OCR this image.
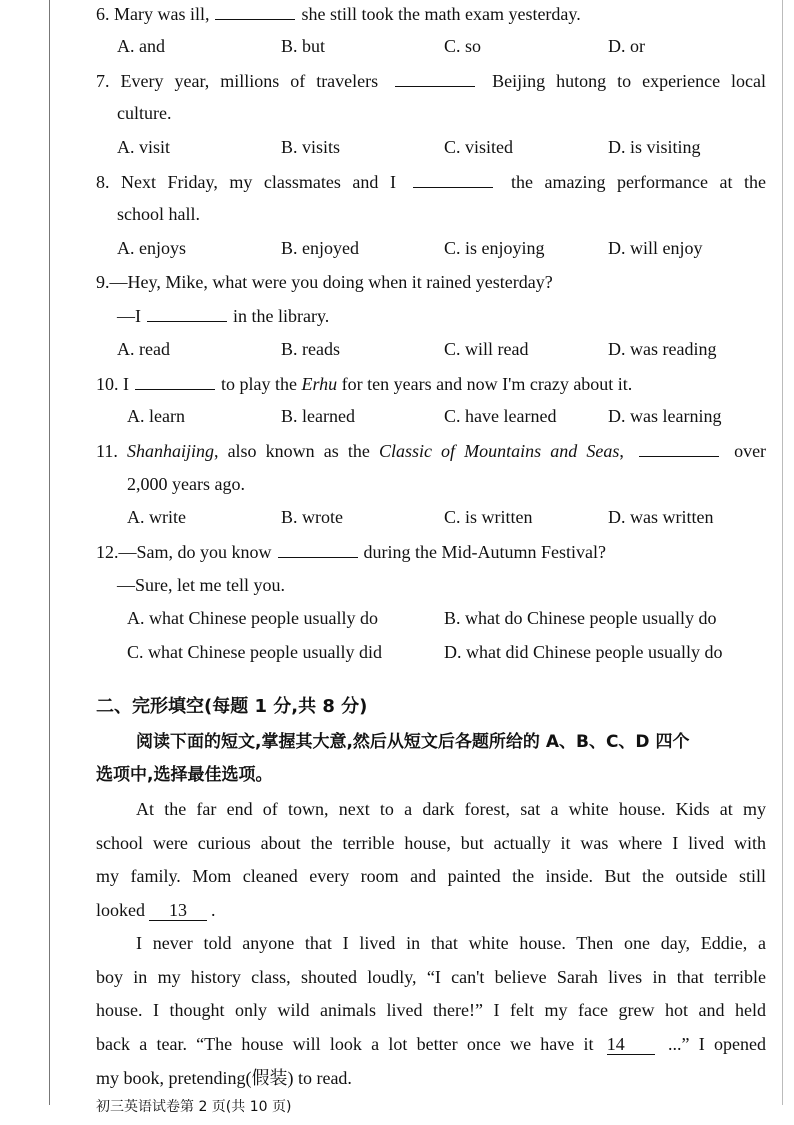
6. Mary was ill,	she still took the math exam yesterday.
A. and	B. but	C. so	D. or
7. Every year, millions of travelers	Beijing hutong to experience local
culture.
A. visit	B. visits	C. visited	D. is visiting
8. Next Friday, my classmates and I	the amazing performance at the
school hall.
A. enjoys	B. enjoyed	C. is enjoying	D. will enjoy
9.—Hey, Mike, what were you doing when it rained yesterday?
—I	in the library.
A. read	B. reads	C. will read	D. was reading
10. I	to play the Erhu for ten years and now I'm crazy about it.
A. learn	B. learned	C. have learned	D. was learning
11. Shanhaijing, also known as the Classic of Mountains and Seas,	over
2,000 years ago.
A. write	B. wrote	C. is written	D. was written
12.—Sam, do you know	during the Mid-Autumn Festival?
—Sure, let me tell you.
A. what Chinese people usually do	B. what do Chinese people usually do
C. what Chinese people usually did	D. what did Chinese people usually do
二、完形填空(每题 1 分,共 8 分)
阅读下面的短文,掌握其大意,然后从短文后各题所给的 A、B、C、D 四个
选项中,选择最佳选项。
At the far end of town, next to a dark forest, sat a white house. Kids at my
school were curious about the terrible house, but actually it was where I lived with
my family. Mom cleaned every room and painted the inside. But the outside still
looked 13 .
I never told anyone that I lived in that white house. Then one day, Eddie, a
boy in my history class, shouted loudly, “I can't believe Sarah lives in that terrible
house. I thought only wild animals lived there!” I felt my face grew hot and held
back a tear. “The house will look a lot better once we have it 14 ...” I opened
my book, pretending(假装) to read.
初三英语试卷第 2 页(共 10 页)
